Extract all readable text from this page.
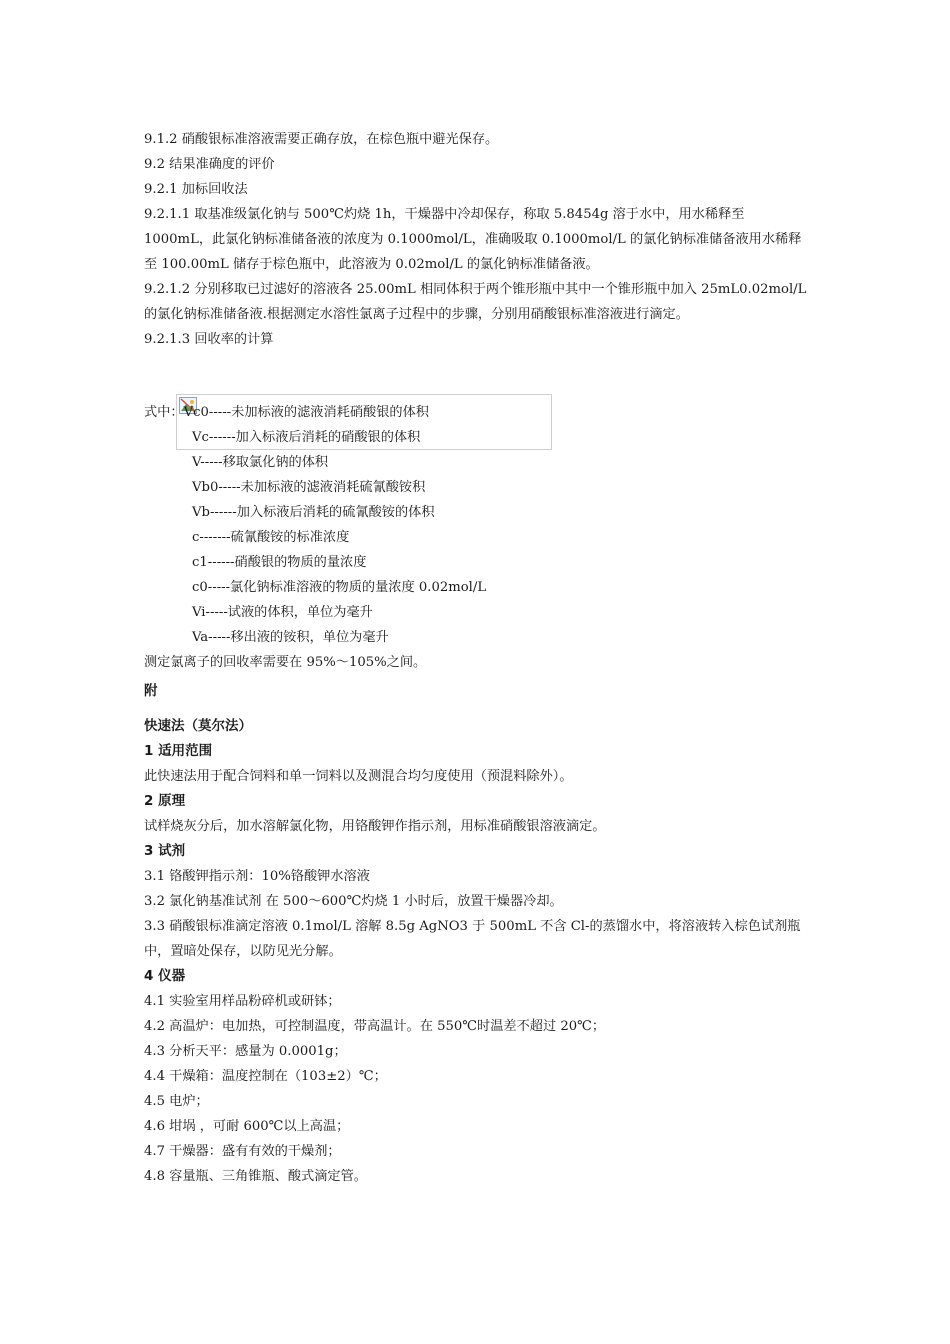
9.1.2 硝酸银标准溶液需要正确存放，在棕色瓶中避光保存。
9.2 结果准确度的评价
9.2.1 加标回收法
9.2.1.1 取基准级氯化钠与 500℃灼烧 1h，干燥器中冷却保存，称取 5.8454g 溶于水中，用水稀释至 1000mL，此氯化钠标准储备液的浓度为 0.1000mol/L，准确吸取 0.1000mol/L 的氯化钠标准储备液用水稀释至 100.00mL 储存于棕色瓶中，此溶液为 0.02mol/L 的氯化钠标准储备液。
9.2.1.2 分别移取已过滤好的溶液各 25.00mL 相同体积于两个锥形瓶中其中一个锥形瓶中加入 25mL0.02mol/L 的氯化钠标准储备液.根据测定水溶性氯离子过程中的步骤，分别用硝酸银标准溶液进行滴定。
9.2.1.3 回收率的计算
式中：Vc0-----未加标液的滤液消耗硝酸银的体积
Vc------加入标液后消耗的硝酸银的体积
V-----移取氯化钠的体积
Vb0-----未加标液的滤液消耗硫氰酸铵积
Vb------加入标液后消耗的硫氰酸铵的体积
c-------硫氰酸铵的标准浓度
c1------硝酸银的物质的量浓度
c0-----氯化钠标准溶液的物质的量浓度 0.02mol/L
Vi-----试液的体积，单位为毫升
Va-----移出液的铵积，单位为毫升
测定氯离子的回收率需要在 95%～105%之间。
附
快速法（莫尔法）
1 适用范围
此快速法用于配合饲料和单一饲料以及测混合均匀度使用（预混料除外）。
2 原理
试样烧灰分后，加水溶解氯化物，用铬酸钾作指示剂，用标准硝酸银溶液滴定。
3 试剂
3.1 铬酸钾指示剂：10%铬酸钾水溶液
3.2 氯化钠基准试剂 在 500～600℃灼烧 1 小时后，放置干燥器冷却。
3.3 硝酸银标准滴定溶液 0.1mol/L 溶解 8.5g AgNO3 于 500mL 不含 Cl-的蒸馏水中，将溶液转入棕色试剂瓶中，置暗处保存，以防见光分解。
4 仪器
4.1 实验室用样品粉碎机或研钵；
4.2 高温炉：电加热，可控制温度，带高温计。在 550℃时温差不超过 20℃；
4.3 分析天平：感量为 0.0001g；
4.4 干燥箱：温度控制在（103±2）℃；
4.5 电炉；
4.6 坩埚 ，可耐 600℃以上高温；
4.7 干燥器：盛有有效的干燥剂；
4.8 容量瓶、三角锥瓶、酸式滴定管。
